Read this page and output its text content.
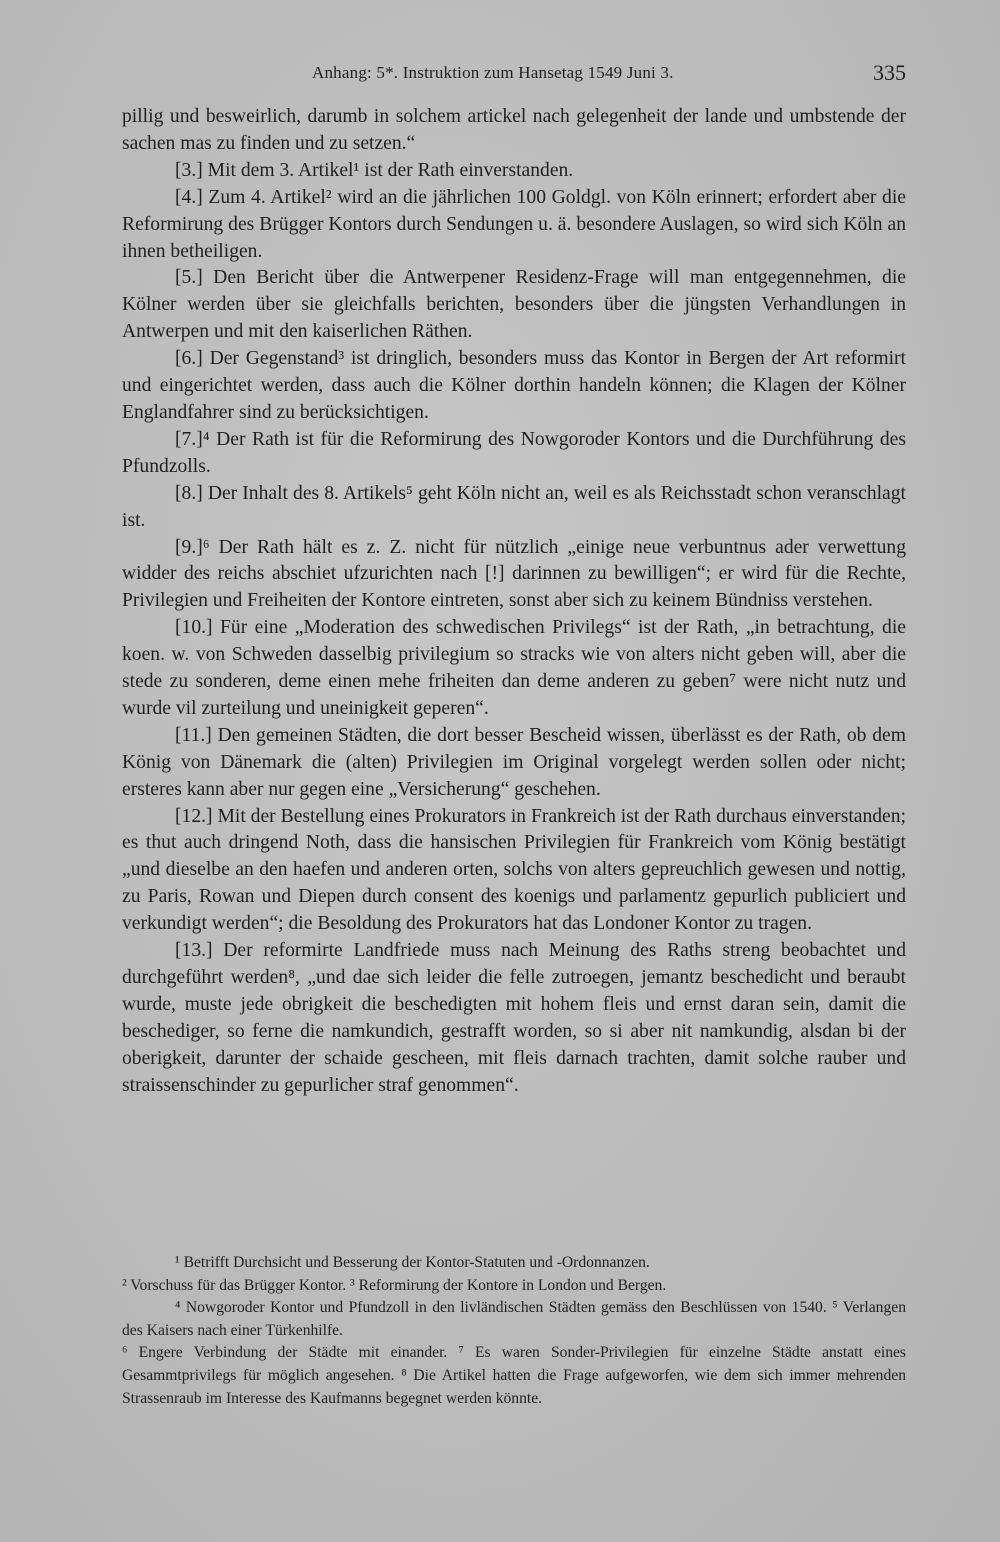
Anhang: 5*. Instruktion zum Hansetag 1549 Juni 3.	335

pillig und besweirlich, darumb in solchem artickel nach gelegenheit der lande und umbstende der sachen mas zu finden und zu setzen.“

[3.] Mit dem 3. Artikel¹ ist der Rath einverstanden.

[4.] Zum 4. Artikel² wird an die jährlichen 100 Goldgl. von Köln erinnert; erfordert aber die Reformirung des Brügger Kontors durch Sendungen u. ä. besondere Auslagen, so wird sich Köln an ihnen betheiligen.

[5.] Den Bericht über die Antwerpener Residenz-Frage will man entgegennehmen, die Kölner werden über sie gleichfalls berichten, besonders über die jüngsten Verhandlungen in Antwerpen und mit den kaiserlichen Räthen.

[6.] Der Gegenstand³ ist dringlich, besonders muss das Kontor in Bergen der Art reformirt und eingerichtet werden, dass auch die Kölner dorthin handeln können; die Klagen der Kölner Englandfahrer sind zu berücksichtigen.

[7.]⁴ Der Rath ist für die Reformirung des Nowgoroder Kontors und die Durchführung des Pfundzolls.

[8.] Der Inhalt des 8. Artikels⁵ geht Köln nicht an, weil es als Reichsstadt schon veranschlagt ist.

[9.]⁶ Der Rath hält es z. Z. nicht für nützlich „einige neue verbuntnus ader verwettung widder des reichs abschiet ufzurichten nach [!] darinnen zu bewilligen“; er wird für die Rechte, Privilegien und Freiheiten der Kontore eintreten, sonst aber sich zu keinem Bündniss verstehen.

[10.] Für eine „Moderation des schwedischen Privilegs“ ist der Rath, „in betrachtung, die koen. w. von Schweden dasselbig privilegium so stracks wie von alters nicht geben will, aber die stede zu sonderen, deme einen mehe friheiten dan deme anderen zu geben⁷ were nicht nutz und wurde vil zurteilung und uneinigkeit geperen“.

[11.] Den gemeinen Städten, die dort besser Bescheid wissen, überlässt es der Rath, ob dem König von Dänemark die (alten) Privilegien im Original vorgelegt werden sollen oder nicht; ersteres kann aber nur gegen eine „Versicherung“ geschehen.

[12.] Mit der Bestellung eines Prokurators in Frankreich ist der Rath durchaus einverstanden; es thut auch dringend Noth, dass die hansischen Privilegien für Frankreich vom König bestätigt „und dieselbe an den haefen und anderen orten, solchs von alters gepreuchlich gewesen und nottig, zu Paris, Rowan und Diepen durch consent des koenigs und parlamentz gepurlich publiciert und verkundigt werden“; die Besoldung des Prokurators hat das Londoner Kontor zu tragen.

[13.] Der reformirte Landfriede muss nach Meinung des Raths streng beobachtet und durchgeführt werden⁸, „und dae sich leider die felle zutroegen, jemantz beschedicht und beraubt wurde, muste jede obrigkeit die beschedigten mit hohem fleis und ernst daran sein, damit die beschediger, so ferne die namkundich, gestrafft worden, so si aber nit namkundig, alsdan bi der oberigkeit, darunter der schaide gescheen, mit fleis darnach trachten, damit solche rauber und straissenschinder zu gepurlicher straf genommen“.

¹ Betrifft Durchsicht und Besserung der Kontor-Statuten und -Ordonnanzen.

² Vorschuss für das Brügger Kontor. ³ Reformirung der Kontore in London und Bergen.

⁴ Nowgoroder Kontor und Pfundzoll in den livländischen Städten gemäss den Beschlüssen von 1540. ⁵ Verlangen des Kaisers nach einer Türkenhilfe.

⁶ Engere Verbindung der Städte mit einander. ⁷ Es waren Sonder-Privilegien für einzelne Städte anstatt eines Gesammtprivilegs für möglich angesehen. ⁸ Die Artikel hatten die Frage aufgeworfen, wie dem sich immer mehrenden Strassenraub im Interesse des Kaufmanns begegnet werden könnte.
